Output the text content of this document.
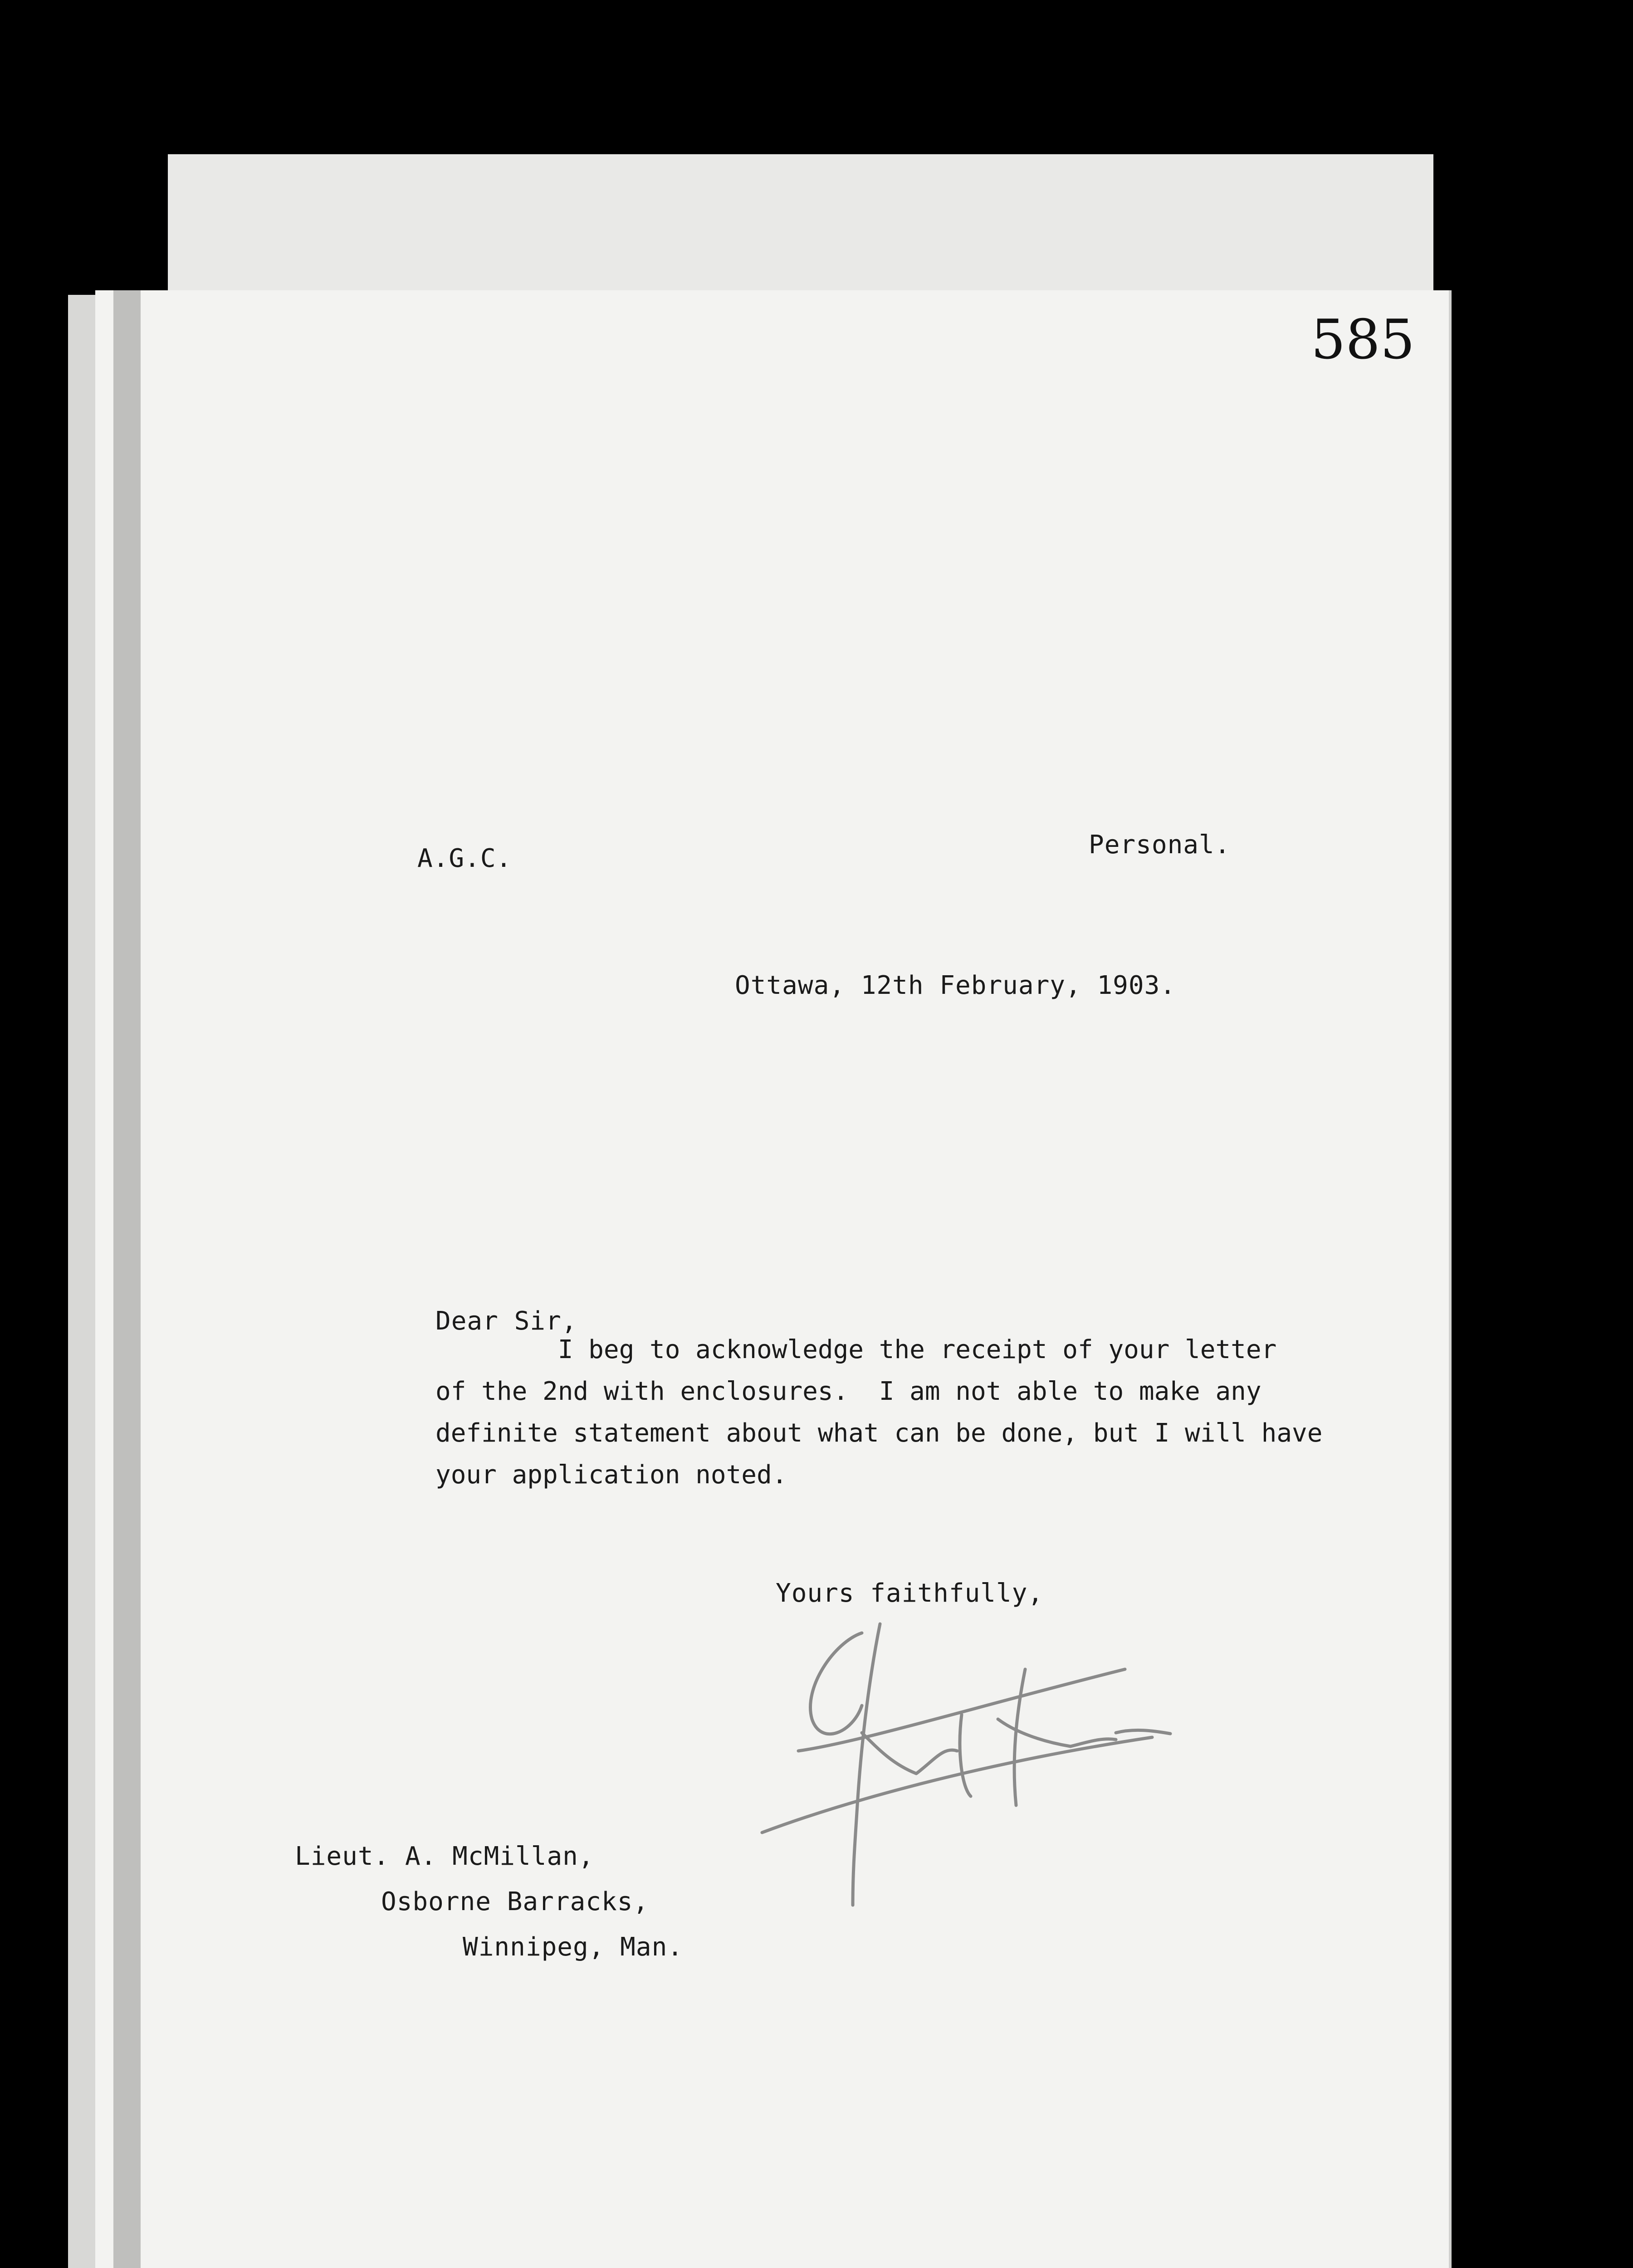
585
A.G.C.	Personal.
Ottawa, 12th February, 1903.
Dear Sir,
I beg to acknowledge the receipt of your letter
of the 2nd with enclosures.  I am not able to make any
definite statement about what can be done, but I will have
your application noted.
Yours faithfully,
Lieut. A. McMillan,
Osborne Barracks,
Winnipeg, Man.
